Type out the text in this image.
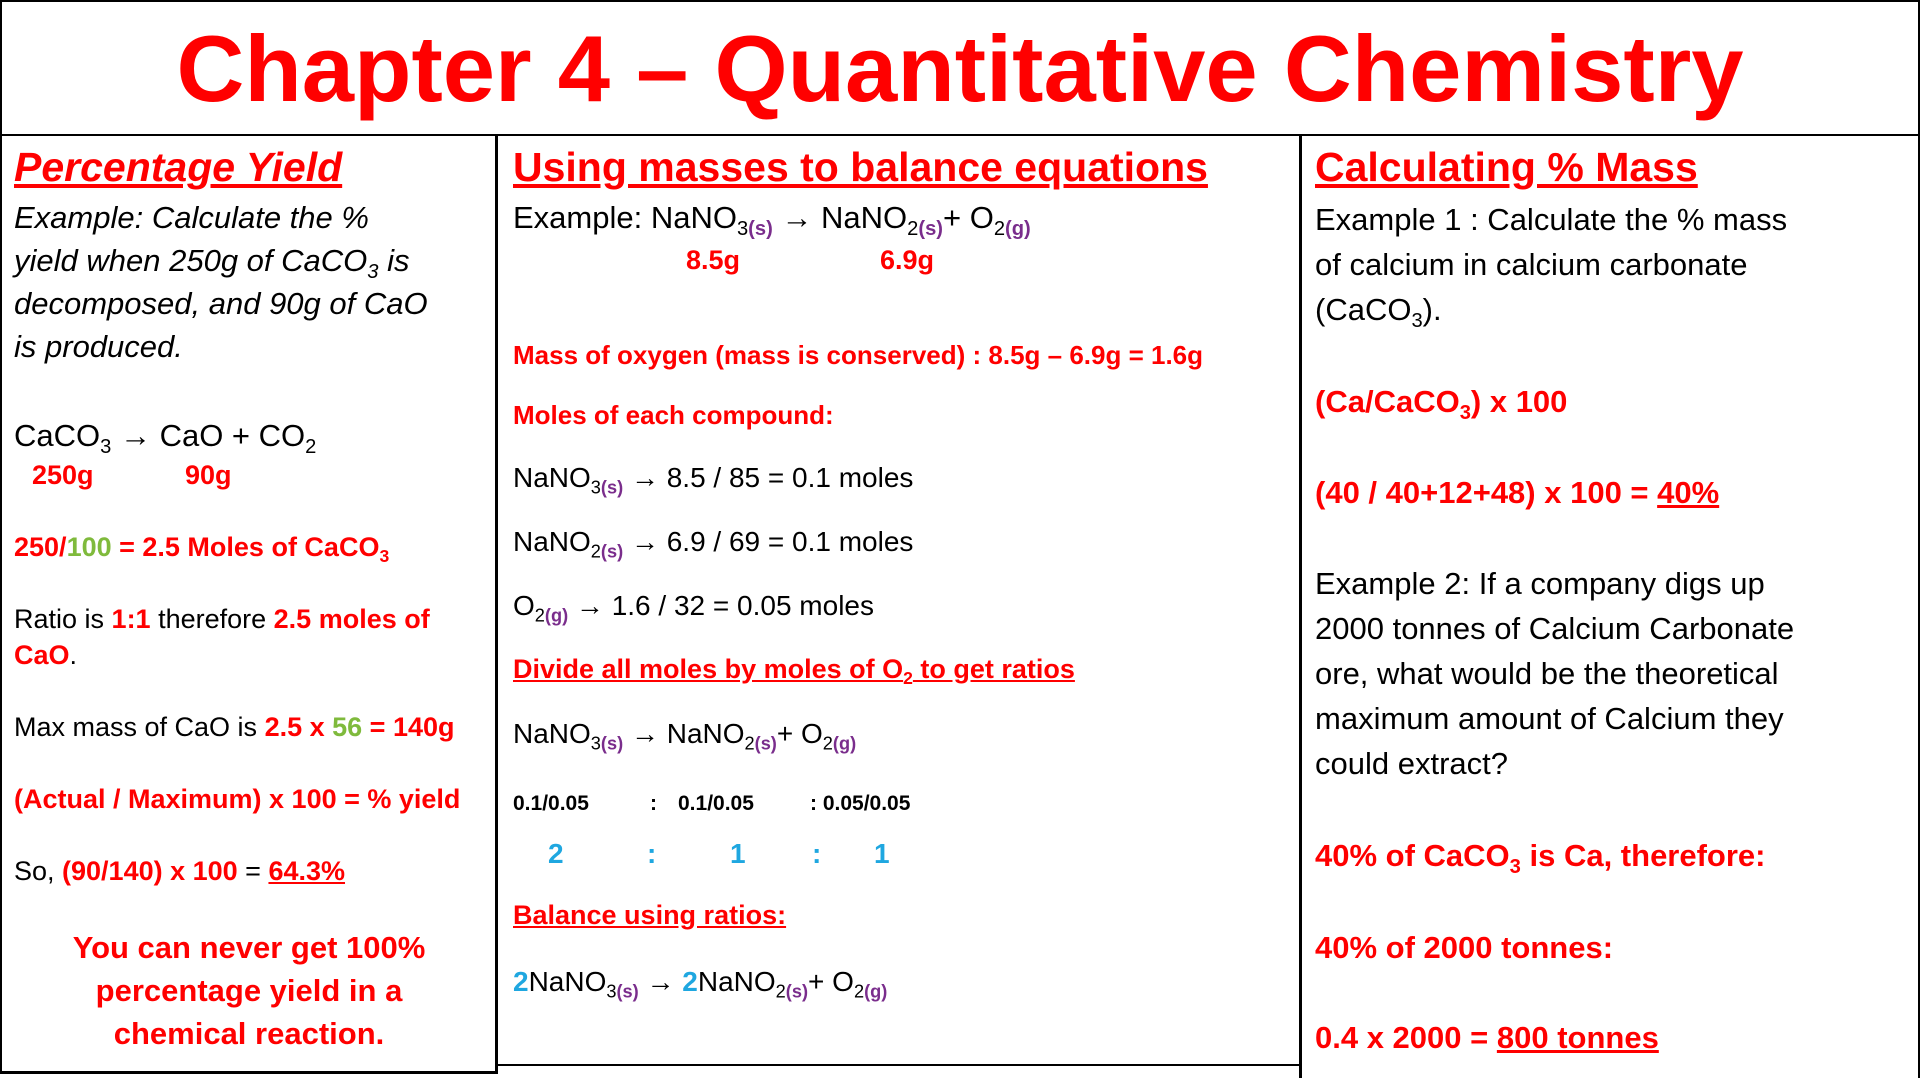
Chapter 4 – Quantitative Chemistry
Percentage Yield
Example: Calculate the %
yield when 250g of CaCO$_3$ is
decomposed, and 90g of CaO
is produced.
CaCO$_3$ → CaO + $CO_2$
250g	90g
250/100 = 2.5 Moles of CaCO$_3$
Ratio is 1:1 therefore 2.5 moles of
CaO.
Max mass of CaO is 2.5 x 56 = 140g
(Actual / Maximum) x 100 = % yield
So, (90/140) x 100 = 64.3%
You can never get 100%
percentage yield in a
chemical reaction.
Using masses to balance equations
Example: NaNO$_{3(s)}$ → NaNO$_{2(s)}$+ $O_{2(g)}$
8.5g	6.9g
Mass of oxygen (mass is conserved) : 8.5g – 6.9g = 1.6g
Moles of each compound:
NaNO$_{3(s)}$ → 8.5 / 85 = 0.1 moles
NaNO$_{2(s)}$ → 6.9 / 69 = 0.1 moles
$O_{2(g)} \to 1.6 / 32 = 0.05$ moles
Divide all moles by moles of $O_2$ to get ratios
NaNO$_{3(s)}$ → NaNO$_{2(s)}$+ $O_{2(g)}$
0.1/0.05	: 0.1/0.05	: 0.05/0.05
2	:	1 : 1
Balance using ratios:
2NaNO$_{3(s)}$ → 2NaNO$_{2(s)}$+ $O_{2(g)}$
Calculating % Mass
Example 1 : Calculate the % mass
of calcium in calcium carbonate
(CaCO$_3$).
(Ca/CaCO$_3$) x 100
(40 / 40+12+48) x 100 = 40%
Example 2: If a company digs up
2000 tonnes of Calcium Carbonate
ore, what would be the theoretical
maximum amount of Calcium they
could extract?
40% of CaCO$_3$ is Ca, therefore:
40% of 2000 tonnes:
0.4 x 2000 = 800 tonnes
